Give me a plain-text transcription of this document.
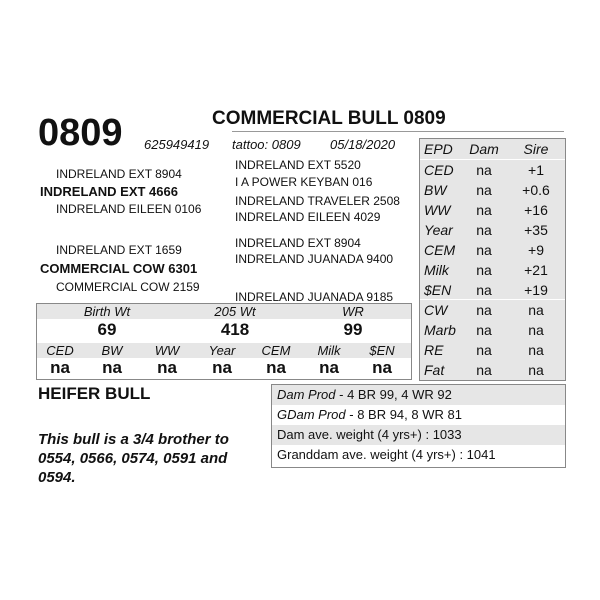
COMMERCIAL BULL 0809
0809 625949419 tattoo: 0809 05/18/2020
INDRELAND EXT 5520
I A POWER KEYBAN 016
INDRELAND EXT 8904
INDRELAND EXT 4666
INDRELAND TRAVELER 2508
INDRELAND EILEEN 4029
INDRELAND EILEEN 0106
INDRELAND EXT 8904
INDRELAND JUANADA 9400
INDRELAND EXT 1659
COMMERCIAL COW 6301
COMMERCIAL COW 2159
INDRELAND JUANADA 9185
EPD	Dam	Sire
CED	na	+1
BW	na	+0.6
WW	na	+16
Year	na	+35
CEM	na	+9
Milk	na	+21
$EN	na	+19
CW	na	na
Marb	na	na
RE	na	na
Fat	na	na
Birth Wt	205 Wt	WR
69	418	99
CED	BW	WW	Year	CEM	Milk	$EN
na	na	na	na	na	na	na
HEIFER BULL
This bull is a 3/4 brother to 0554, 0566, 0574, 0591 and 0594.
Dam Prod - 4 BR 99, 4 WR 92
GDam Prod - 8 BR 94, 8 WR 81
Dam ave. weight (4 yrs+) : 1033
Granddam ave. weight (4 yrs+) : 1041
